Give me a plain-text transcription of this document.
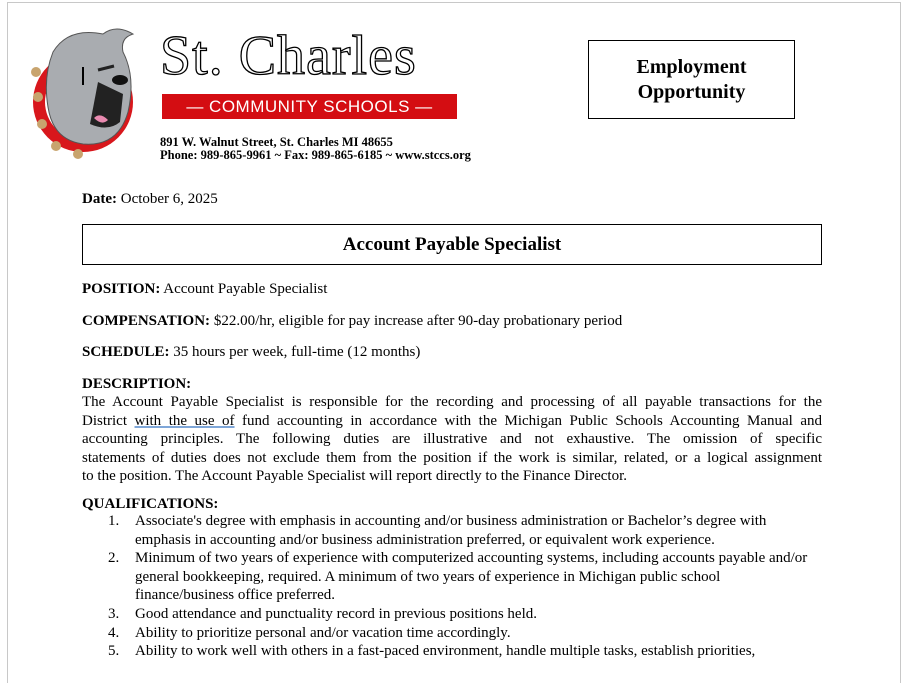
St. Charles
— COMMUNITY SCHOOLS —
891 W. Walnut Street, St. Charles MI 48655
Phone: 989-865-9961 ~ Fax: 989-865-6185 ~ www.stccs.org
Employment
Opportunity
Date: October 6, 2025
Account Payable Specialist
POSITION: Account Payable Specialist
COMPENSATION: $22.00/hr, eligible for pay increase after 90-day probationary period
SCHEDULE: 35 hours per week, full-time (12 months)
DESCRIPTION:
The Account Payable Specialist is responsible for the recording and processing of all payable transactions for the
District with the use of fund accounting in accordance with the Michigan Public Schools Accounting Manual and
accounting principles. The following duties are illustrative and not exhaustive. The omission of specific
statements of duties does not exclude them from the position if the work is similar, related, or a logical assignment
to the position. The Account Payable Specialist will report directly to the Finance Director.
QUALIFICATIONS:
1.	Associate's degree with emphasis in accounting and/or business administration or Bachelor’s degree with emphasis in accounting and/or business administration preferred, or equivalent work experience.
2.	Minimum of two years of experience with computerized accounting systems, including accounts payable and/or general bookkeeping, required. A minimum of two years of experience in Michigan public school finance/business office preferred.
3.	Good attendance and punctuality record in previous positions held.
4.	Ability to prioritize personal and/or vacation time accordingly.
5.	Ability to work well with others in a fast-paced environment, handle multiple tasks, establish priorities,
